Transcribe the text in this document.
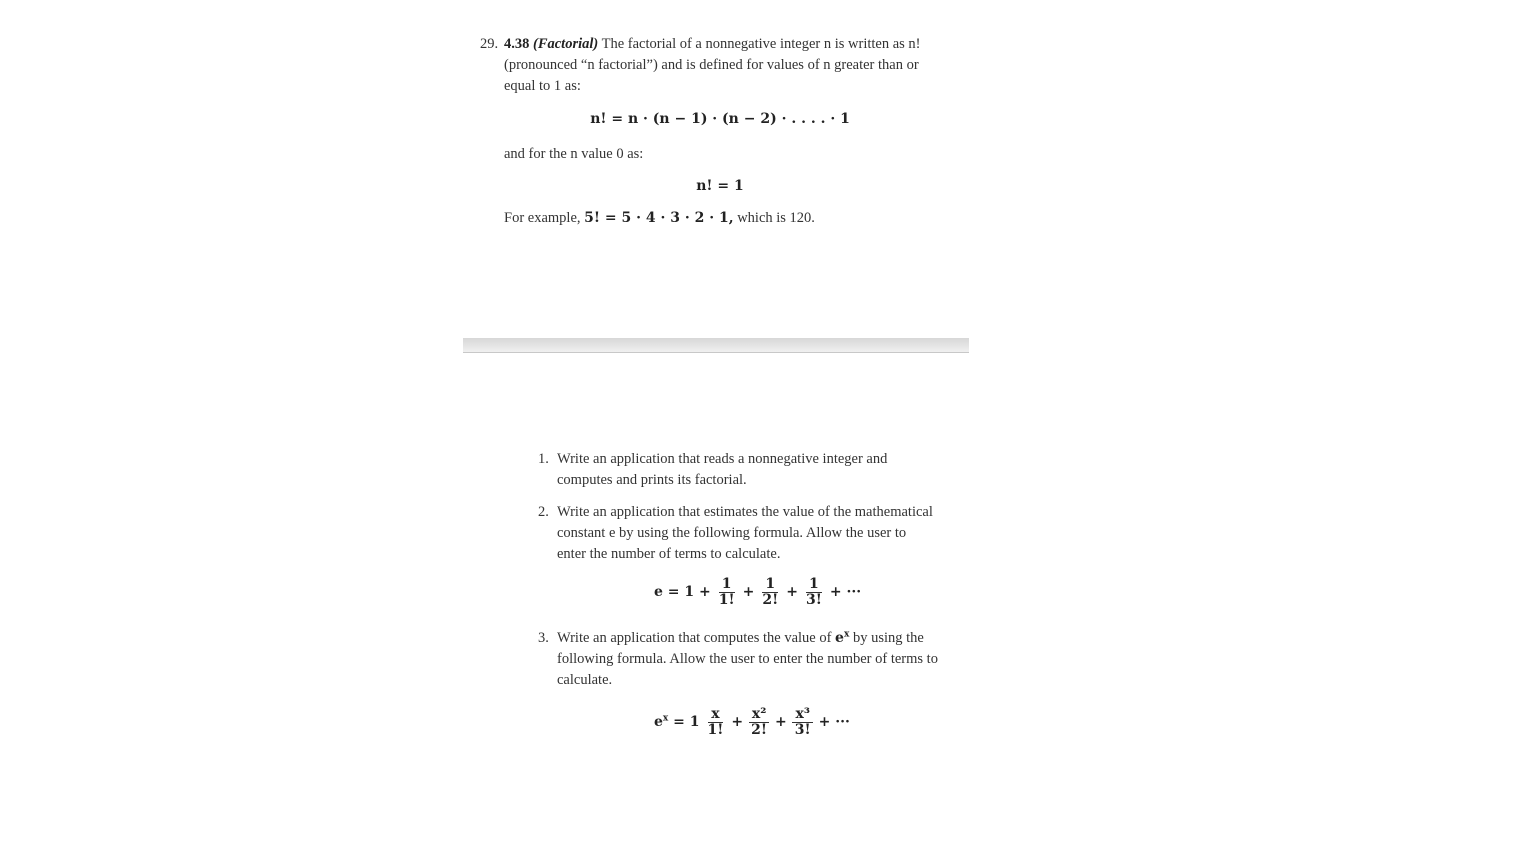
29. 4.38 (Factorial) The factorial of a nonnegative integer n is written as n! (pronounced “n factorial”) and is defined for values of n greater than or equal to 1 as:
n! = n · (n − 1) · (n − 2) · . . . . · 1
and for the n value 0 as:
n! = 1
For example, 5! = 5 · 4 · 3 · 2 · 1, which is 120.
1. Write an application that reads a nonnegative integer and computes and prints its factorial.
2. Write an application that estimates the value of the mathematical constant e by using the following formula. Allow the user to enter the number of terms to calculate.
$e = 1 + \frac{1}{1!} + \frac{1}{2!} + \frac{1}{3!}$ + ···
3. Write an application that computes the value of $e^x$ by using the following formula. Allow the user to enter the number of terms to calculate.
$e^x = 1 \frac{x}{1!} + \frac{\text{x²}}{2!} + \frac{\text{x³}}{3!}$ + ···
